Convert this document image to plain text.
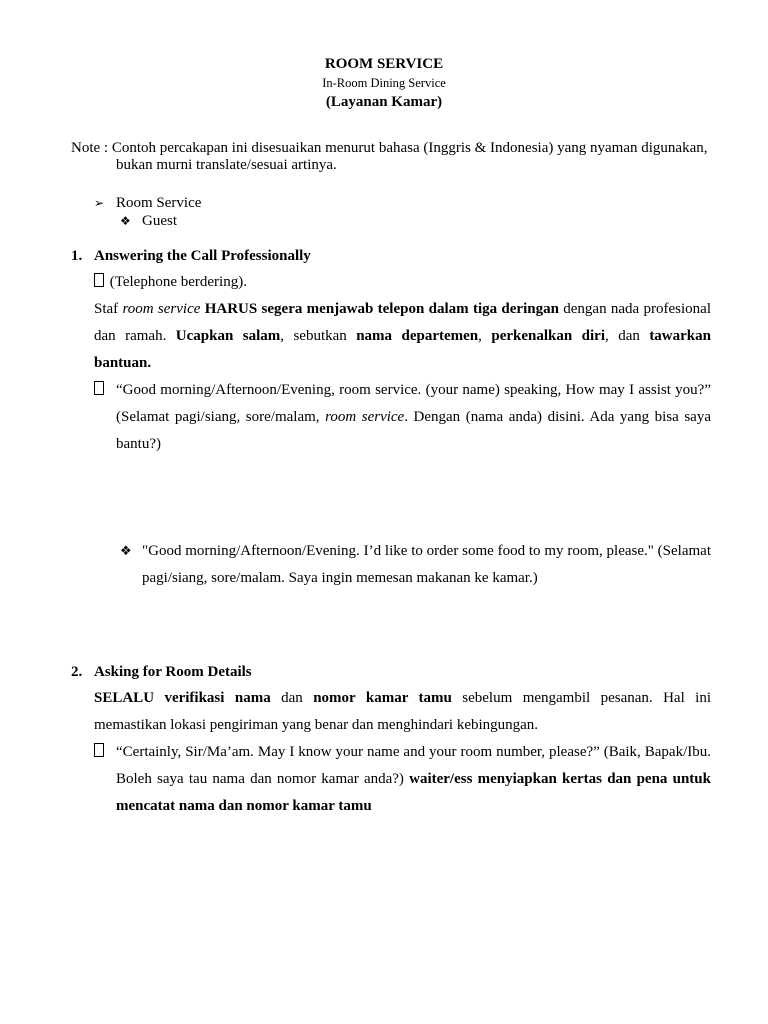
ROOM SERVICE
In-Room Dining Service
(Layanan Kamar)
Note : Contoh percakapan ini disesuaikan menurut bahasa (Inggris & Indonesia) yang nyaman digunakan,
bukan murni translate/sesuai artinya.
➢ Room Service
❖ Guest
1. Answering the Call Professionally
(Telephone berdering).
Staf room service HARUS segera menjawab telepon dalam tiga deringan dengan nada profesional dan ramah. Ucapkan salam, sebutkan nama departemen, perkenalkan diri, dan tawarkan bantuan.
“Good morning/Afternoon/Evening, room service. (your name) speaking, How may I assist you?” (Selamat pagi/siang, sore/malam, room service. Dengan (nama anda) disini. Ada yang bisa saya bantu?)
❖ "Good morning/Afternoon/Evening. I’d like to order some food to my room, please." (Selamat pagi/siang, sore/malam. Saya ingin memesan makanan ke kamar.)
2. Asking for Room Details
SELALU verifikasi nama dan nomor kamar tamu sebelum mengambil pesanan. Hal ini memastikan lokasi pengiriman yang benar dan menghindari kebingungan.
“Certainly, Sir/Ma’am. May I know your name and your room number, please?” (Baik, Bapak/Ibu. Boleh saya tau nama dan nomor kamar anda?) waiter/ess menyiapkan kertas dan pena untuk mencatat nama dan nomor kamar tamu
